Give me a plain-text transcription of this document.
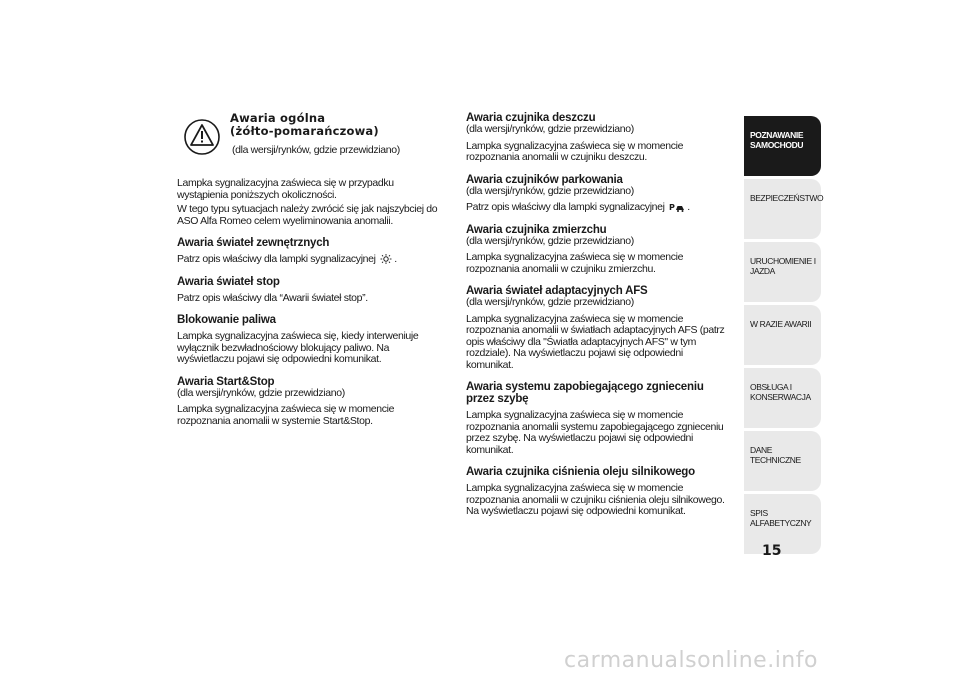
Awaria ogólna
(żółto-pomarańczowa)

(dla wersji/rynków, gdzie przewidziano)

Lampka sygnalizacyjna zaświeca się w przypadku wystąpienia poniższych okoliczności.

W tego typu sytuacjach należy zwrócić się jak najszybciej do ASO Alfa Romeo celem wyeliminowania anomalii.

Awaria świateł zewnętrznych

Patrz opis właściwy dla lampki sygnalizacyjnej .

Awaria świateł stop

Patrz opis właściwy dla “Awarii świateł stop”.

Blokowanie paliwa

Lampka sygnalizacyjna zaświeca się, kiedy interweniuje wyłącznik bezwładnościowy blokujący paliwo. Na wyświetlaczu pojawi się odpowiedni komunikat.

Awaria Start&Stop

(dla wersji/rynków, gdzie przewidziano)

Lampka sygnalizacyjna zaświeca się w momencie rozpoznania anomalii w systemie Start&Stop.

Awaria czujnika deszczu

(dla wersji/rynków, gdzie przewidziano)

Lampka sygnalizacyjna zaświeca się w momencie rozpoznania anomalii w czujniku deszczu.

Awaria czujników parkowania

(dla wersji/rynków, gdzie przewidziano)

Patrz opis właściwy dla lampki sygnalizacyjnej P .

Awaria czujnika zmierzchu

(dla wersji/rynków, gdzie przewidziano)

Lampka sygnalizacyjna zaświeca się w momencie rozpoznania anomalii w czujniku zmierzchu.

Awaria świateł adaptacyjnych AFS

(dla wersji/rynków, gdzie przewidziano)

Lampka sygnalizacyjna zaświeca się w momencie rozpoznania anomalii w światłach adaptacyjnych AFS (patrz opis właściwy dla "Światła adaptacyjnych AFS" w tym rozdziale). Na wyświetlaczu pojawi się odpowiedni komunikat.

Awaria systemu zapobiegającego zgnieceniu przez szybę

Lampka sygnalizacyjna zaświeca się w momencie rozpoznania anomalii systemu zapobiegającego zgnieceniu przez szybę. Na wyświetlaczu pojawi się odpowiedni komunikat.

Awaria czujnika ciśnienia oleju silnikowego

Lampka sygnalizacyjna zaświeca się w momencie rozpoznania anomalii w czujniku ciśnienia oleju silnikowego. Na wyświetlaczu pojawi się odpowiedni komunikat.

POZNAWANIE SAMOCHODU
BEZPIECZEŃSTWO
URUCHOMIENIE I JAZDA
W RAZIE AWARII
OBSŁUGA I KONSERWACJA
DANE TECHNICZNE
SPIS ALFABETYCZNY
15
carmanualsonline.info
